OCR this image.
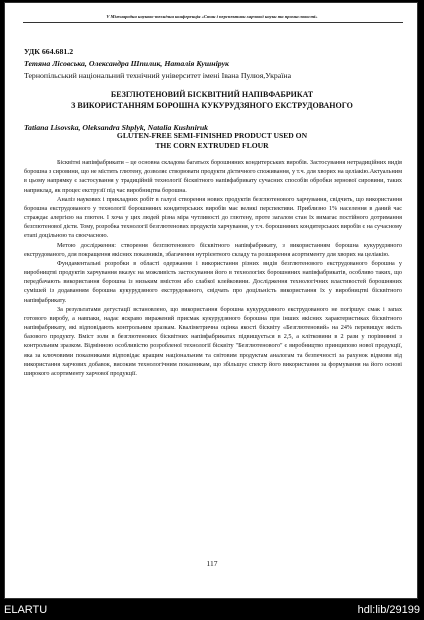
V Міжнародна науково-технічна конференція «Стан і перспективи харчової науки та промисловості»
УДК 664.681.2
Тетяна Лісовська, Олександра Шпилик, Наталія Кушнірук
Тернопільський національний технічний університет імені Івана Пулюя,Україна
БЕЗГЛЮТЕНОВИЙ БІСКВІТНИЙ НАПІВФАБРИКАТ
З ВИКОРИСТАННЯМ БОРОШНА КУКУРУДЗЯНОГО ЕКСТРУДОВАНОГО
Tatiana Lisovska, Oleksandra Shplyk, Natalia Kushniruk
GLUTEN-FREE SEMI-FINISHED PRODUCT USED ON
THE CORN EXTRUDED FLOUR

Бісквітні напівфабрикати – це основна складова багатьох борошняних кондитерських виробів. Застосування нетрадиційних видів борошна з сировини, що не містить глютену, дозволяє створювати продукти дієтичного споживання, у т.ч. для хворих на целіакію.Актуальним в цьому напрямку є застосування у традиційній технології бісквітного напівфабрикату сучасних способів обробки зернової сировини, таких наприклад, як процес екструзії під час виробництва борошна.

Аналіз наукових і прикладних робіт в галузі створення нових продуктів безглютенового харчування, свідчить, що використання борошна екструдованого у технології борошняних кондитерських виробів має великі перспективи. Приблизно 1% населення в даний час страждає алергією на глютен. І хоча у цих людей різна міра чутливості до глютену, проте загалом стан їх вимагає постійного дотримання безглютенової дієти. Тому, розробка технології безглютенових продуктів харчування, у т.ч. борошняних кондитерських виробів є на сучасному етапі доцільною та своєчасною.

Метою дослідження: створення безглютенового бісквітного напівфабрикату, з використанням борошна кукурудзяного екструдованого, для покращення якісних показників, збагачення нутрієнтного складу та розширення асортименту для хворих на целіакію.

Фундаментальні розробки в області одержання і використання різних видів безглютенового екструдованого борошна у виробництві продуктів харчування вказує на можливість застосування його в технологіях борошняних напівфабрикатів, особливо таких, що передбачають використання борошна із низьким вмістом або слабкої клейковини. Дослідження технологічних властивостей борошняних сумішей із додаванням борошна кукурудзяного екструдованого, свідчать про доцільність використання їх у виробництві бісквітного напівфабрикату.

За результатами дегустації встановлено, що використання борошна кукурудзяного екструдованого не погіршує смак і запах готового виробу, а навпаки, надає яскраво виражений присмак кукурудзяного борошна при інших якісних характеристиках бісквітного напівфабрикату, які відповідають контрольним зразкам. Кваліметрична оцінка якості бісквіту «Безглютеновий» на 24% перевищує якість базового продукту. Вміст золи в безглютенових бісквітних напівфабрикатах підвищується в 2,5, а клітковини в 2 рази у порівнянні з контрольним зразком. Відмінною особливістю розробленої технології бісквіту "Безглютенового" є виробництво принципово нової продукції, яка за ключовими показниками відповідає кращим національним та світовим продуктам аналогам та безпечності за рахунок відмови від використання харчових добавок, високим технологічним показникам, що збільшує спектр його використання за формування на його основі широкого асортименту харчової продукції.

117
ELARTU	hdl:lib/29199
